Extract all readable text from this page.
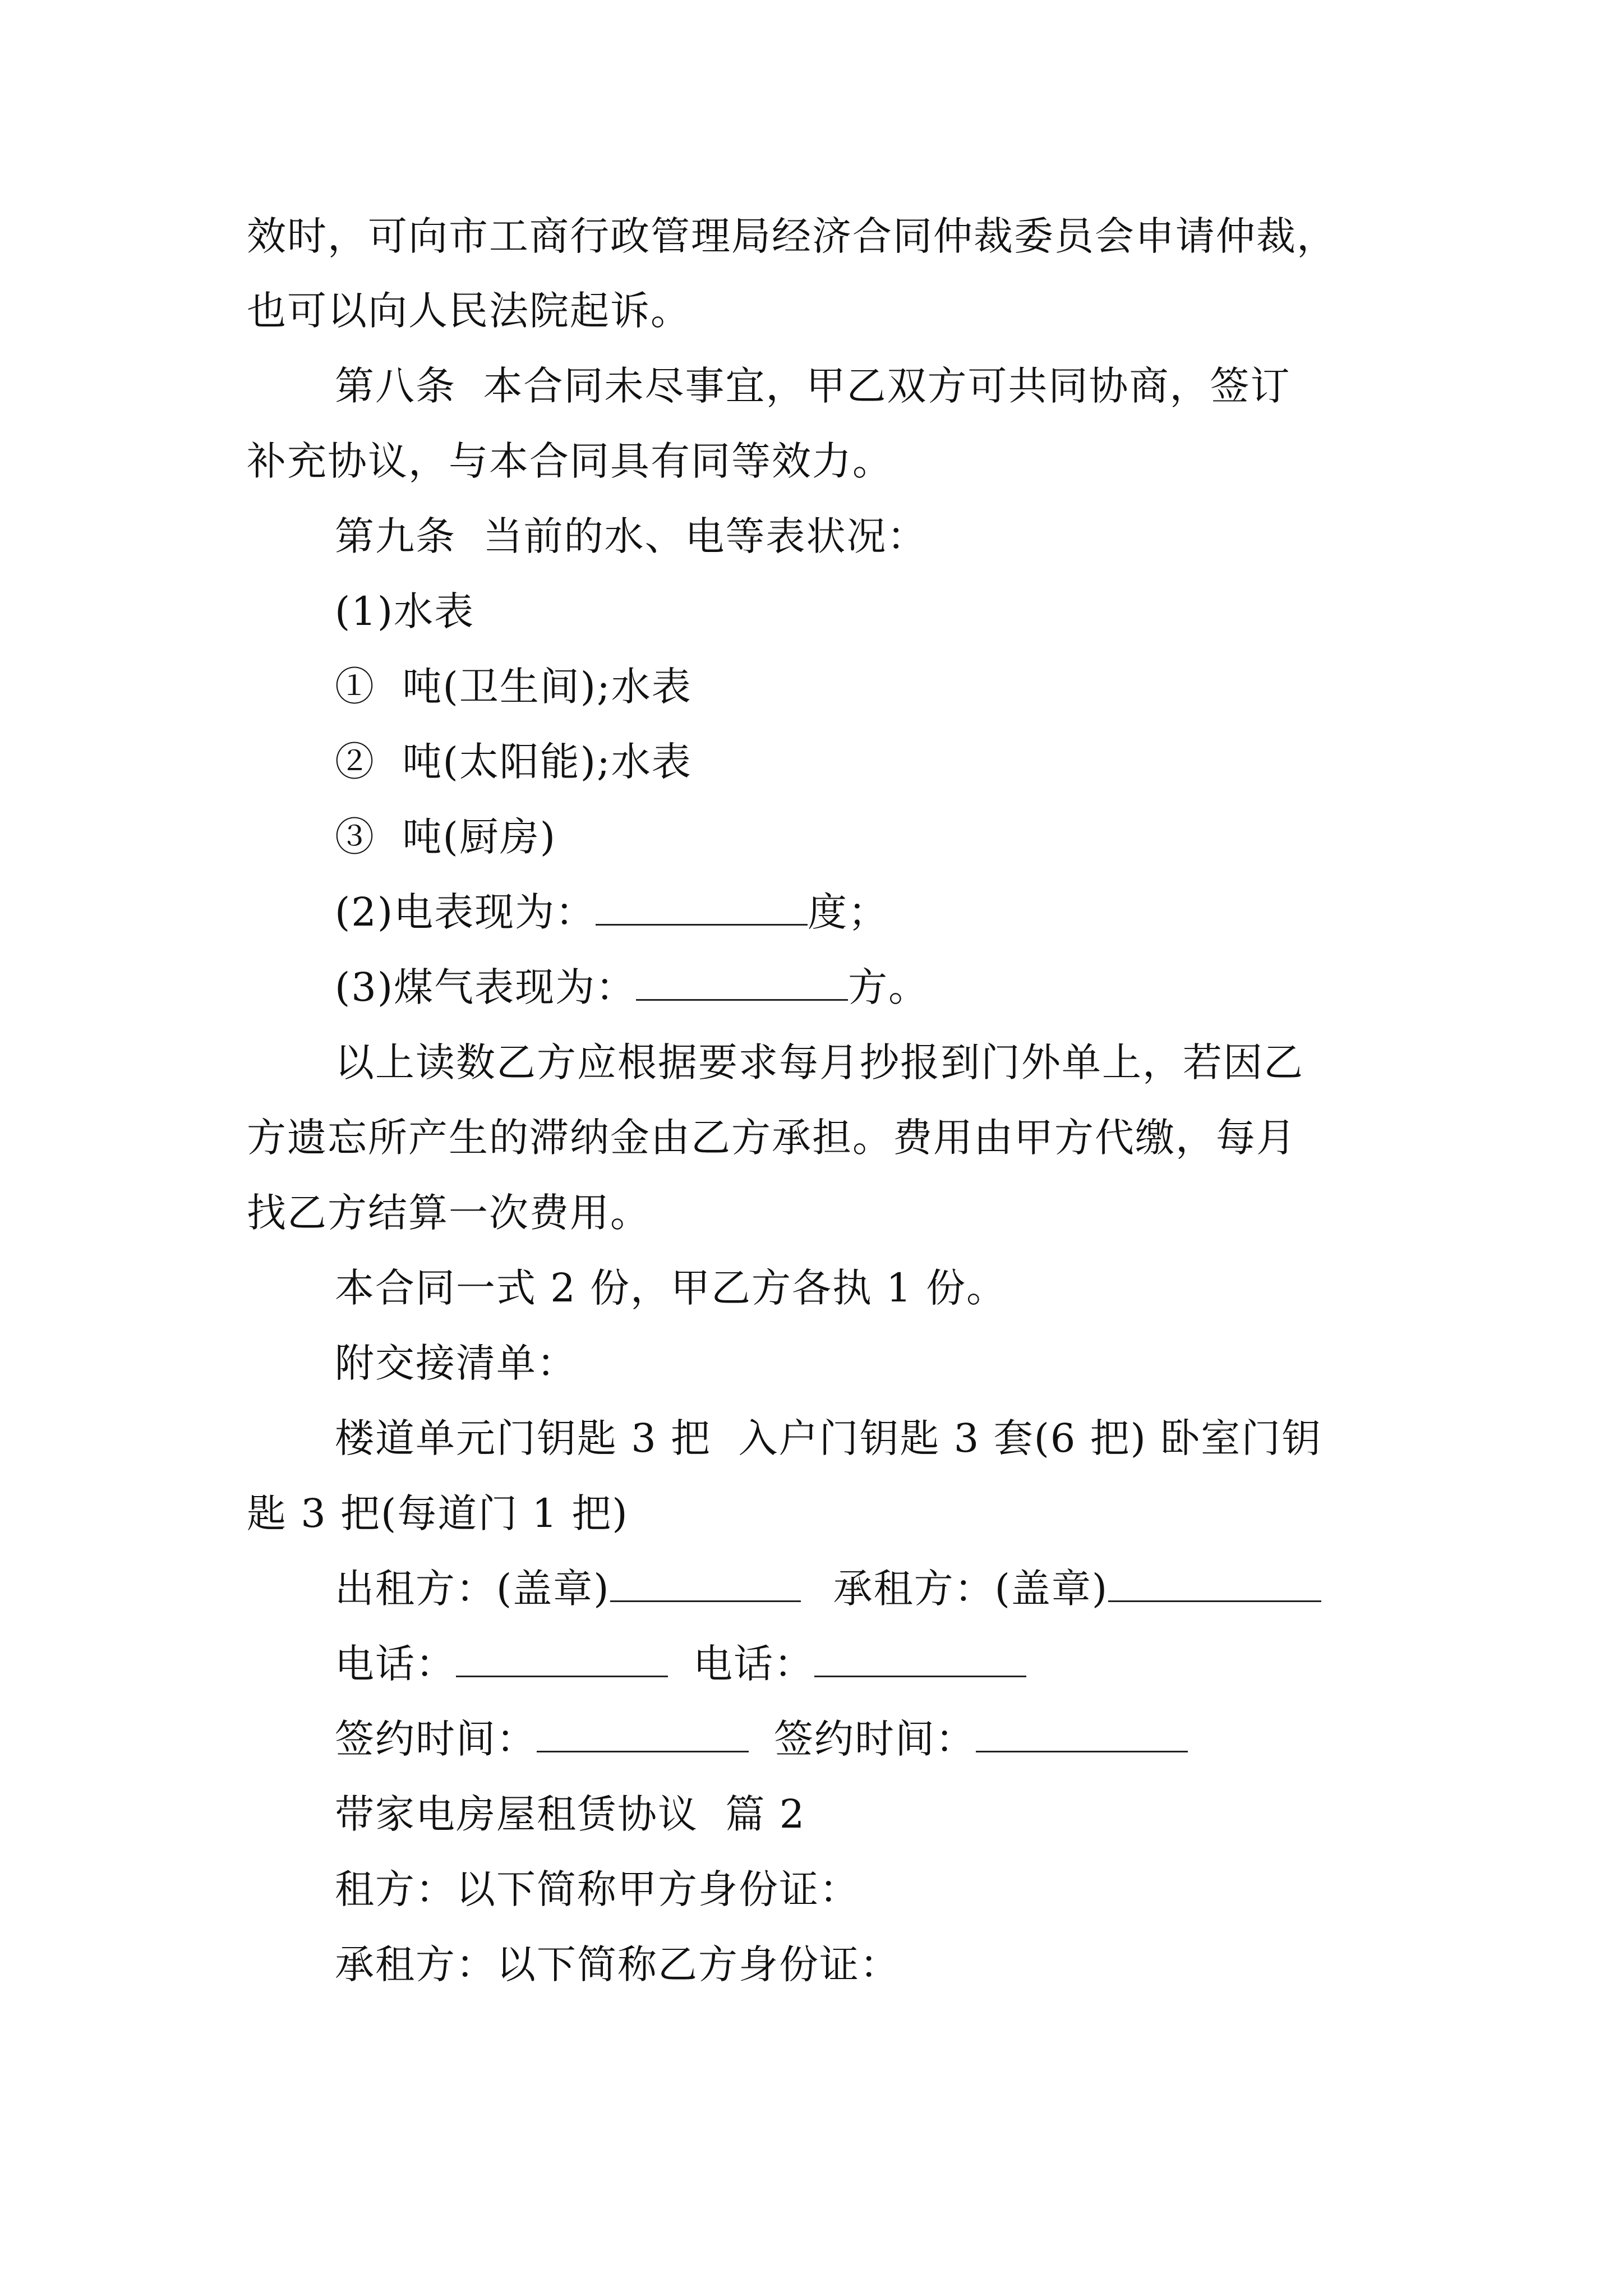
效时，可向市工商行政管理局经济合同仲裁委员会申请仲裁，
也可以向人民法院起诉。
第八条  本合同未尽事宜，甲乙双方可共同协商，签订
补充协议，与本合同具有同等效力。
第九条  当前的水、电等表状况：
(1)水表
①  吨(卫生间);水表
②  吨(太阳能);水表
③  吨(厨房)
(2)电表现为：	度；
(3)煤气表现为：	方。
以上读数乙方应根据要求每月抄报到门外单上，若因乙
方遗忘所产生的滞纳金由乙方承担。费用由甲方代缴，每月
找乙方结算一次费用。
本合同一式 2 份，甲乙方各执 1 份。
附交接清单：
楼道单元门钥匙 3 把  入户门钥匙 3 套(6 把) 卧室门钥
匙 3 把(每道门 1 把)
出租方：(盖章)	承租方：(盖章)
电话：	电话：
签约时间：	签约时间：
带家电房屋租赁协议  篇 2
租方：以下简称甲方身份证：
承租方：以下简称乙方身份证：
